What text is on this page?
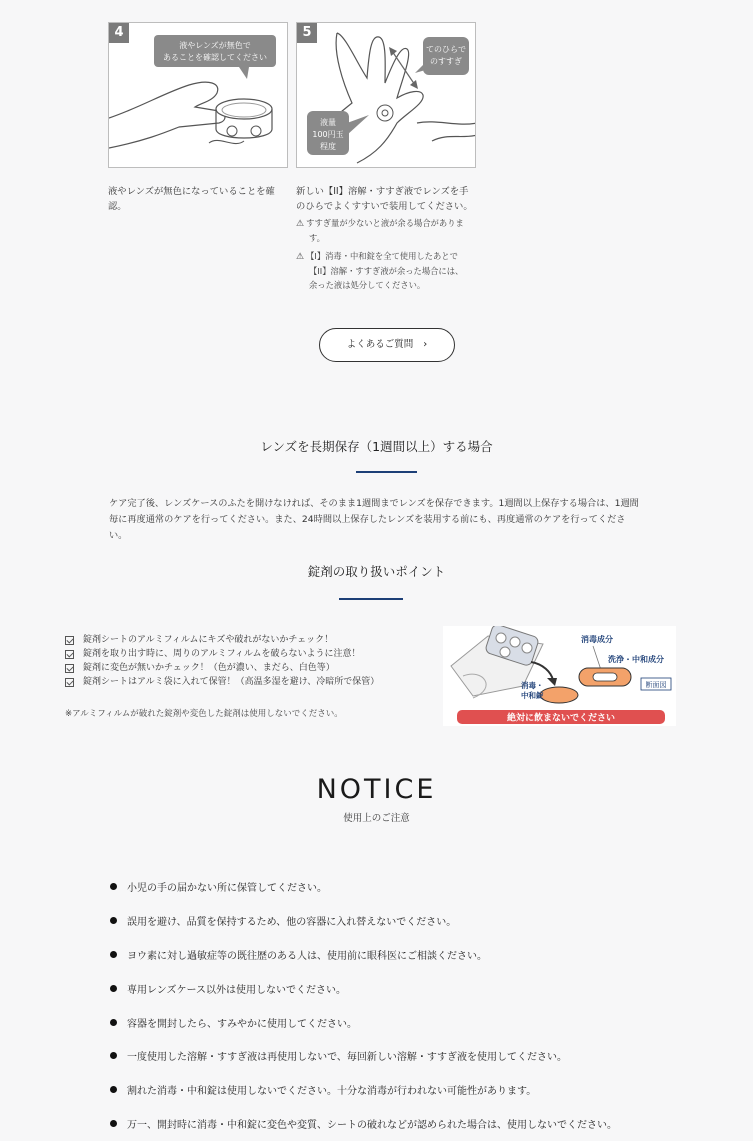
4
液やレンズが無色で
あることを確認してください
液やレンズが無色になっていることを確
認。
5
てのひらで
のすすぎ
液量
100円玉
程度
新しい【II】溶解・すすぎ液でレンズを手
のひらでよくすすいで装用してください。
⚠ すすぎ量が少ないと液が余る場合がありま
す。
⚠ 【I】消毒・中和錠を全て使用したあとで
【II】溶解・すすぎ液が余った場合には、
余った液は処分してください。
よくあるご質問 ›
レンズを長期保存（1週間以上）する場合
ケア完了後、レンズケースのふたを開けなければ、そのまま1週間までレンズを保存できます。1週間以上保存する場合は、1週間
毎に再度通常のケアを行ってください。また、24時間以上保存したレンズを装用する前にも、再度通常のケアを行ってくださ
い。
錠剤の取り扱いポイント
錠剤シートのアルミフィルムにキズや破れがないかチェック！
錠剤を取り出す時に、周りのアルミフィルムを破らないように注意！
錠剤に変色が無いかチェック！（色が濃い、まだら、白色等）
錠剤シートはアルミ袋に入れて保管！（高温多湿を避け、冷暗所で保管）
※アルミフィルムが破れた錠剤や変色した錠剤は使用しないでください。
消毒・
中和錠
消毒成分
洗浄・中和成分
断面図
絶対に飲まないでください
NOTICE
使用上のご注意
小児の手の届かない所に保管してください。
誤用を避け、品質を保持するため、他の容器に入れ替えないでください。
ヨウ素に対し過敏症等の既往歴のある人は、使用前に眼科医にご相談ください。
専用レンズケース以外は使用しないでください。
容器を開封したら、すみやかに使用してください。
一度使用した溶解・すすぎ液は再使用しないで、毎回新しい溶解・すすぎ液を使用してください。
割れた消毒・中和錠は使用しないでください。十分な消毒が行われない可能性があります。
万一、開封時に消毒・中和錠に変色や変質、シートの破れなどが認められた場合は、使用しないでください。
